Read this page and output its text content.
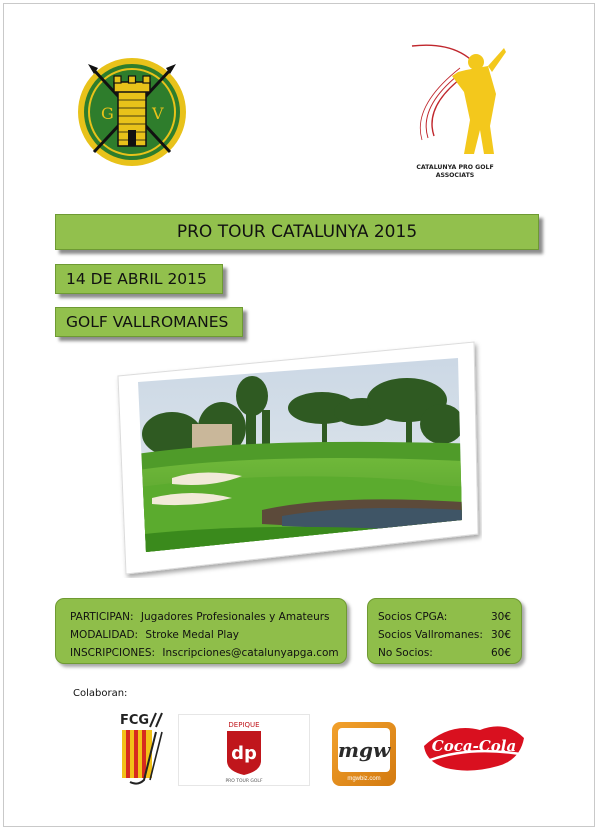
G V
CATALUNYA PRO GOLF
ASSOCIATS
PRO TOUR CATALUNYA 2015
14 DE ABRIL 2015
GOLF VALLROMANES
PARTICIPAN: Jugadores Profesionales y Amateurs
MODALIDAD: Stroke Medal Play
INSCRIPCIONES: Inscripciones@catalunyapga.com
Socios CPGA:	30€
Socios Vallromanes: 30€
No Socios:	60€
Colaboran:
FCG	DEPIQUE
dp
PRO TOUR GOLF
mgw
mgwbiz.com
Coca-Cola
